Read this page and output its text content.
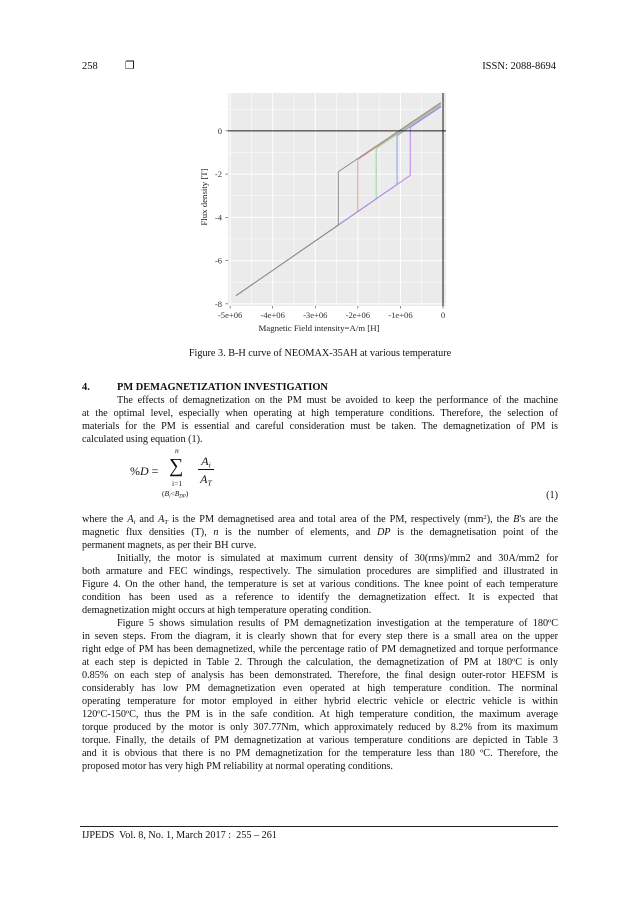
258 ❐	ISSN: 2088-8694
Magnetic Field intensity=A/m [H]
Flux density [T]
-5e+06 -4e+06 -3e+06 -2e+06 -1e+06	0
0
-2
-4
-6
-8
Figure 3. B-H curve of NEOMAX-35AH at various temperature
4.	PM DEMAGNETIZATION INVESTIGATION
The effects of demagnetization on the PM must be avoided to keep the performance of the machine
at the optimal level, especially when operating at high temperature conditions. Therefore, the selection of
materials for the PM is essential and careful consideration must be taken. The demagnetization of PM is
calculated using equation (1).
%D =
n
∑
i=1
$(B_i<B_{DP})$
$A_i$
$A_T$
(1)
where the $A_i$ and $A_T$ is the PM demagnetised area and total area of the PM, respectively $(mm^2)$, the B's are the
magnetic flux densities (T), n is the number of elements, and DP is the demagnetisation point of the
permanent magnets, as per their BH curve.
Initially, the motor is simulated at maximum current density of 30(rms)/mm2 and 30A/mm2 for
both armature and FEC windings, respectively. The simulation procedures are simplified and illustrated in
Figure 4. On the other hand, the temperature is set at various conditions. The knee point of each temperature
condition has been used as a reference to identify the demagnetization effect. It is expected that
demagnetization might occurs at high temperature operating condition.
Figure 5 shows simulation results of PM demagnetization investigation at the temperature of 180ºC
in seven steps. From the diagram, it is clearly shown that for every step there is a small area on the upper
right edge of PM has been demagnetized, while the percentage ratio of PM demagnetized and torque performance
at each step is depicted in Table 2. Through the calculation, the demagnetization of PM at 180ºC is only
0.85% on each step of analysis has been demonstrated. Therefore, the final design outer-rotor HEFSM is
considerably has low PM demagnetization even operated at high temperature condition. The norminal
operating temperature for motor employed in either hybrid electric vehicle or electric vehicle is within
120ºC-150ºC, thus the PM is in the safe condition. At high temperature condition, the maximum average
torque produced by the motor is only 307.77Nm, which approximately reduced by 8.2% from its maximum
torque. Finally, the details of PM demagnetization at various temperature conditions are depicted in Table 3
and it is obvious that there is no PM demagnetization for the temperature less than 180 ºC. Therefore, the
proposed motor has very high PM reliability at normal operating conditions.
IJPEDS  Vol. 8, No. 1, March 2017 :  255 – 261
